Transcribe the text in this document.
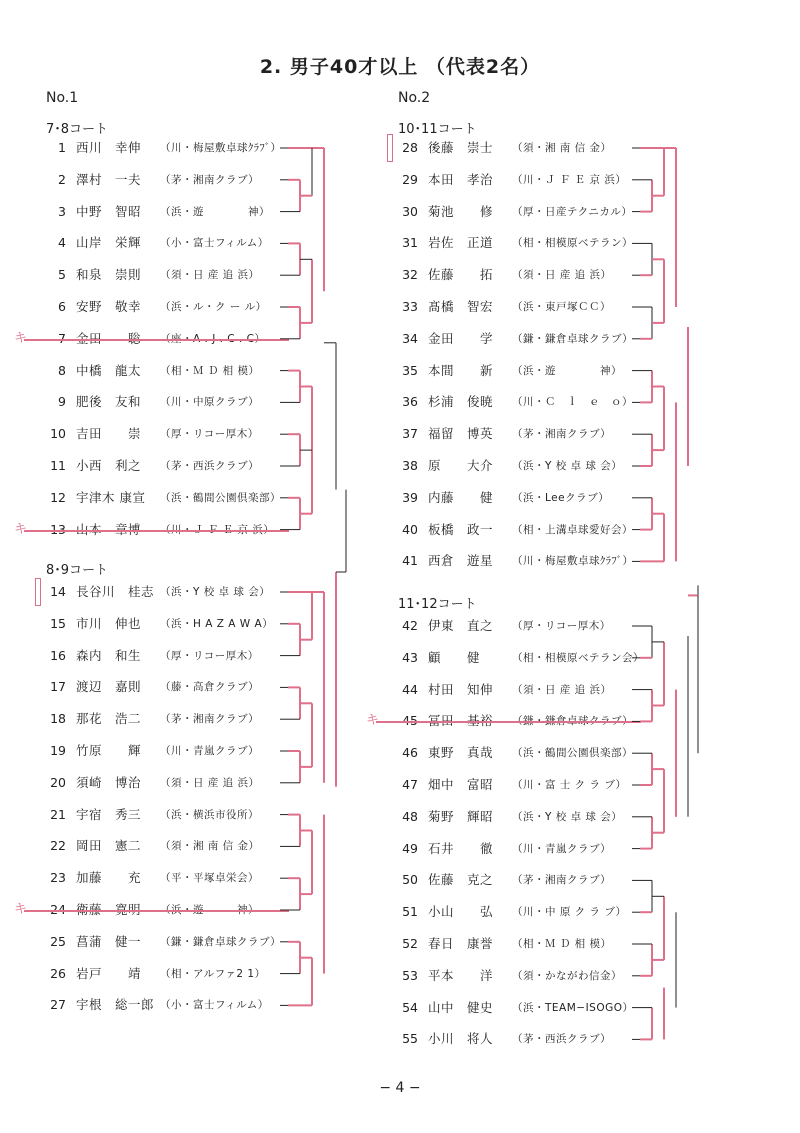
2. 男子40才以上 （代表2名）
No.1	No.2
7･8コート
8･9コート
10･11コート
11･12コート
1 西川　幸伸 （川・梅屋敷卓球ｸﾗﾌﾞ）
2 澤村　一夫 （茅・湘南クラブ）
3 中野　智昭 （浜・遊　　　　神）
4 山岸　栄輝 （小・富士フィルム）
5 和泉　崇則 （須・日 産 追 浜）
6 安野　敬幸 （浜・ル・ク ー ル）
7 金田　　聡 （座・A . J . C . C）
キ
8 中橋　龍太 （相・Ｍ Ｄ 相 模）
9 肥後　友和 （川・中原クラブ）
10 吉田　　崇 （厚・リコー厚木）
11 小西　利之 （茅・西浜クラブ）
12 宇津木 康宣 （浜・鶴間公園倶楽部）
13 山本　章博 （川・Ｊ Ｆ Ｅ 京 浜）
キ
14 長谷川　桂志 （浜・Y 校 卓 球 会）
15 市川　伸也 （浜・H A Z A W A）
16 森内　和生 （厚・リコー厚木）
17 渡辺　嘉則 （藤・高倉クラブ）
18 那花　浩二 （茅・湘南クラブ）
19 竹原　　輝 （川・青嵐クラブ）
20 須崎　博治 （須・日 産 追 浜）
21 宇宿　秀三 （浜・横浜市役所）
22 岡田　憲二 （須・湘 南 信 金）
23 加藤　　充 （平・平塚卓栄会）
24 衛藤　寛明 （浜・遊　　　神）
キ
25 菖蒲　健一 （鎌・鎌倉卓球クラブ）
26 岩戸　　靖 （相・アルファ2 1）
27 宇根　総一郎 （小・富士フィルム）
28 後藤　崇士 （須・湘 南 信 金）
29 本田　孝治 （川・Ｊ Ｆ Ｅ 京 浜）
30 菊池　　修 （厚・日産テクニカル）
31 岩佐　正道 （相・相模原ベテラン）
32 佐藤　　拓 （須・日 産 追 浜）
33 髙橋　智宏 （浜・東戸塚ＣＣ）
34 金田　　学 （鎌・鎌倉卓球クラブ）
35 本間　　新 （浜・遊　　　　神）
36 杉浦　俊暁 （川・Ｃ　ｌ　ｅ　ｏ）
37 福留　博英 （茅・湘南クラブ）
38 原　　大介 （浜・Y 校 卓 球 会）
39 内藤　　健 （浜・Leeクラブ）
40 板橋　政一 （相・上溝卓球愛好会）
41 西倉　遊星 （川・梅屋敷卓球ｸﾗﾌﾞ）
42 伊東　直之 （厚・リコー厚木）
43 顧　　健	（相・相模原ベテラン会）
44 村田　知伸 （須・日 産 追 浜）
45 冨田　基裕 （鎌・鎌倉卓球クラブ）
キ
46 東野　真哉 （浜・鶴間公園倶楽部）
47 畑中　富昭 （川・富 士 ク ラ ブ）
48 菊野　輝昭 （浜・Y 校 卓 球 会）
49 石井　　徹 （川・青嵐クラブ）
50 佐藤　克之 （茅・湘南クラブ）
51 小山　　弘 （川・中 原 ク ラ ブ）
52 春日　康誉 （相・Ｍ Ｄ 相 模）
53 平本　　洋 （須・かながわ信金）
54 山中　健史 （浜・TEAM−ISOGO）
55 小川　将人 （茅・西浜クラブ）
− 4 −
